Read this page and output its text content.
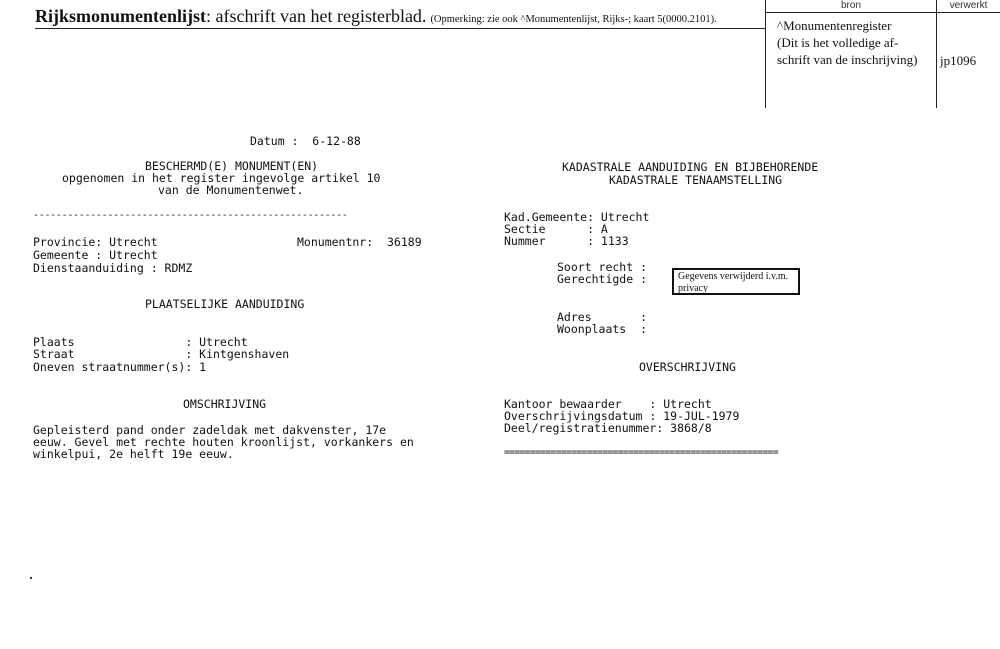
Rijksmonumentenlijst: afschrift van het registerblad. (Opmerking: zie ook ^Monumentenlijst, Rijks-; kaart 5(0000.2101).
bron
^Monumentenregister
(Dit is het volledige af-
schrift van de inschrijving)
verwerkt
jp1096
Datum :  6-12-88
BESCHERMD(E) MONUMENT(EN)
opgenomen in het register ingevolge artikel 10
van de Monumentenwet.
-------------------------------------------------------
Provincie: Utrecht	Monumentnr:  36189
Gemeente : Utrecht
Dienstaanduiding : RDMZ
PLAATSELIJKE AANDUIDING
Plaats                : Utrecht
Straat                : Kintgenshaven
Oneven straatnummer(s): 1
OMSCHRIJVING
Gepleisterd pand onder zadeldak met dakvenster, 17e
eeuw. Gevel met rechte houten kroonlijst, vorkankers en
winkelpui, 2e helft 19e eeuw.
KADASTRALE AANDUIDING EN BIJBEHORENDE
KADASTRALE TENAAMSTELLING
Kad.Gemeente: Utrecht
Sectie      : A
Nummer      : 1133
Soort recht :
Gerechtigde :	Gegevens verwijderd i.v.m. privacy
Adres       :
Woonplaats  :
OVERSCHRIJVING
Kantoor bewaarder    : Utrecht
Overschrijvingsdatum : 19-JUL-1979
Deel/registratienummer: 3868/8
=====================================================
